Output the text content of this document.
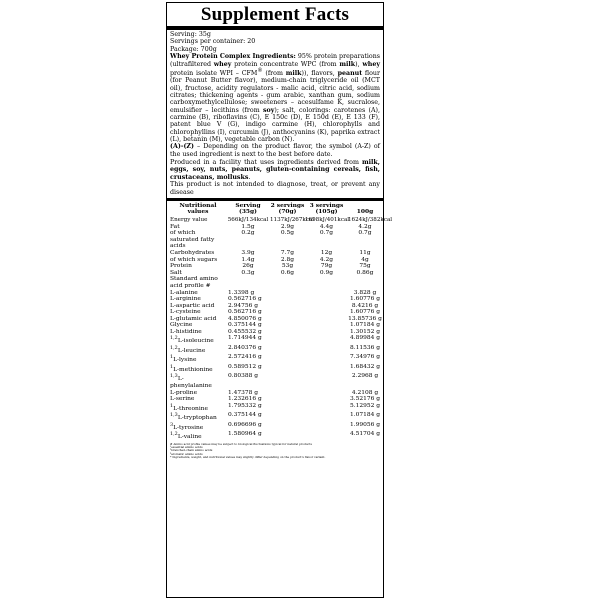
Supplement Facts
Serving: 35g
Servings per container: 20
Package: 700g
Whey Protein Complex Ingredients: 95% protein preparations (ultrafiltered whey protein concentrate WPC (from milk), whey protein isolate WPI – CFM® (from milk)), flavors, peanut flour (for Peanut Butter flavor), medium-chain triglyceride oil (MCT oil), fructose, acidity regulators - malic acid, citric acid, sodium citrates; thickening agents - gum arabic, xanthan gum, sodium carboxymethylcellulose; sweeteners – acesulfame K, sucralose, emulsifier – lecithins (from soy); salt, colorings: carotenes (A), carmine (B), riboflavins (C), E 150c (D), E 150d (E), E 133 (F), patent blue V (G), indigo carmine (H), chlorophylls and chlorophyllins (I), curcumin (J), anthocyanins (K), paprika extract (L), betanin (M), vegetable carbon (N).
(A)-(Z) – Depending on the product flavor, the symbol (A-Z) of the used ingredient is next to the best before date.
Produced in a facility that uses ingredients derived from milk, eggs, soy, nuts, peanuts, gluten-containing cereals, fish, crustaceans, mollusks.
This product is not intended to diagnose, treat, or prevent any disease
Nutritional values	Serving (35g)	2 servings (70g)	3 servings (105g)	100g
Energy value	566kJ/134kcal	1137kJ/267kcal	1698kJ/401kcal	1624kJ/382kcal
Fat	1.5g	2.9g	4.4g	4.2g
of which saturated fatty acids	0.2g	0.5g	0.7g	0.7g
Carbohydrates	3.9g	7.7g	12g	11g
of which sugars	1.4g	2.8g	4.2g	4g
Protein	26g	53g	79g	75g
Salt	0.3g	0.6g	0.9g	0.86g
Standard amino acid profile #				
L-alanine	1.3398 g			3.828 g
L-arginine	0.562716 g			1.60776 g
L-aspartic acid	2.94756 g			8.4216 g
L-cysteine	0.562716 g			1.60776 g
L-glutamic acid	4.850076 g			13.85736 g
Glycine	0.375144 g			1.07184 g
L-histidine	0.455532 g			1.30152 g
$^{1,2}$L-isoleucine	1.714944 g			4.89984 g
$^{1,2}$L-leucine	2.840376 g			8.11536 g
$^1$L-lysine	2.572416 g			7.34976 g
$^1$L-methionine	0.589512 g			1.68432 g
$^{1,3}$L-phenylalanine	0.80388 g			2.2968 g
L-proline	1.47378 g			4.2108 g
L-serine	1.232616 g			3.52176 g
$^1$L-threonine	1.795332 g			5.12952 g
$^{1,3}$L-tryptophan	0.375144 g			1.07184 g
$^3$L-tyrosine	0.696696 g			1.99056 g
$^{1,2}$L-valine	1.580964 g			4.51704 g
# Amino acid profile values may be subject to biological fluctuations typical for natural products
¹essential amino acids
²branched-chain amino acids
³aromatic amino acids
* Ingredients, weight, and nutritional values may slightly differ depending on the product's flavor variant.
